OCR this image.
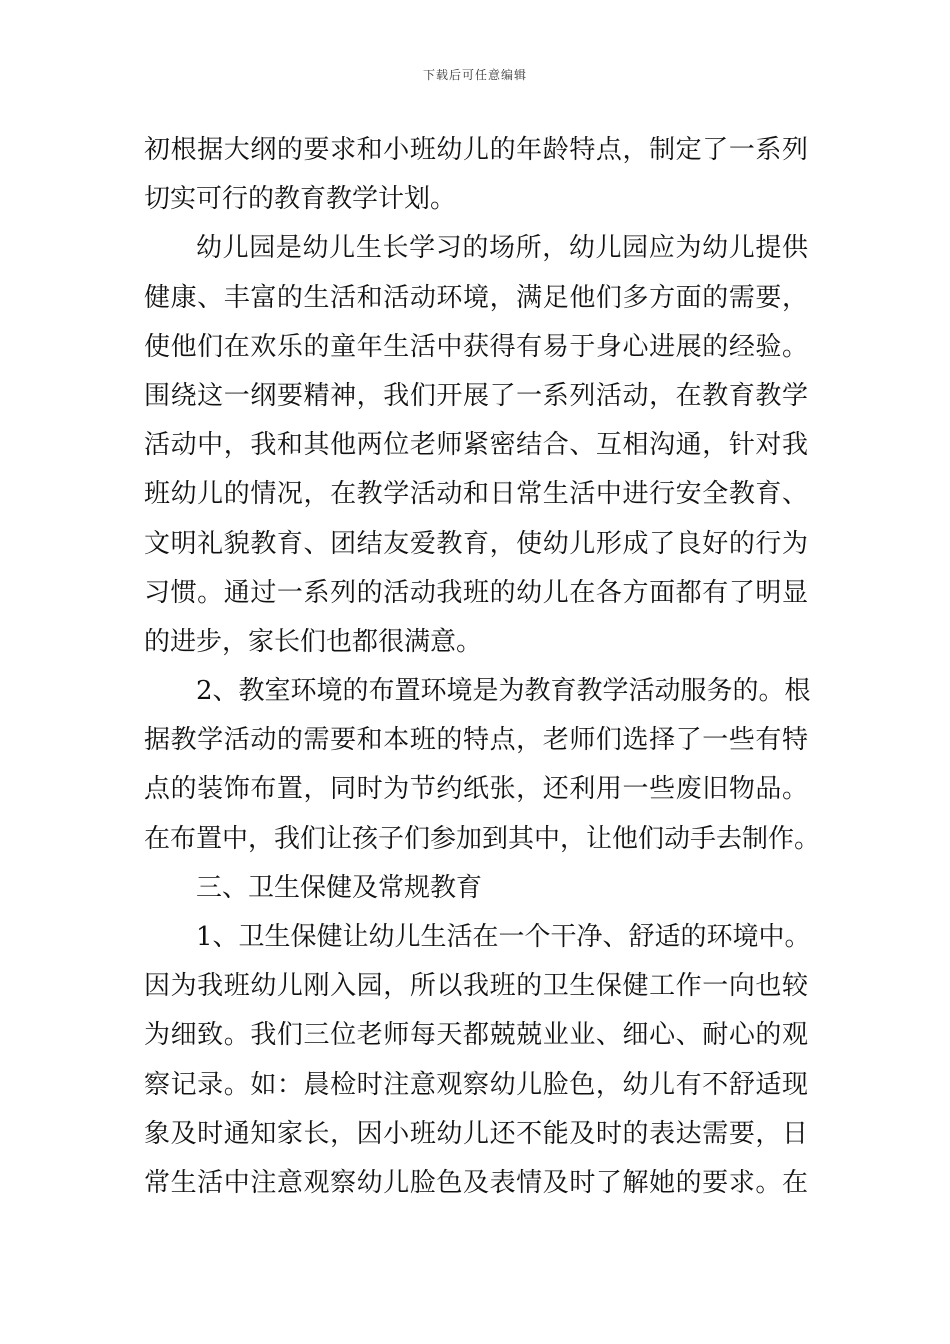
下载后可任意编辑
初根据大纲的要求和小班幼儿的年龄特点，制定了一系列
切实可行的教育教学计划。
幼儿园是幼儿生长学习的场所，幼儿园应为幼儿提供
健康、丰富的生活和活动环境，满足他们多方面的需要，
使他们在欢乐的童年生活中获得有易于身心进展的经验。
围绕这一纲要精神，我们开展了一系列活动，在教育教学
活动中，我和其他两位老师紧密结合、互相沟通，针对我
班幼儿的情况，在教学活动和日常生活中进行安全教育、
文明礼貌教育、团结友爱教育，使幼儿形成了良好的行为
习惯。通过一系列的活动我班的幼儿在各方面都有了明显
的进步，家长们也都很满意。
2、教室环境的布置环境是为教育教学活动服务的。根
据教学活动的需要和本班的特点，老师们选择了一些有特
点的装饰布置，同时为节约纸张，还利用一些废旧物品。
在布置中，我们让孩子们参加到其中，让他们动手去制作。
三、卫生保健及常规教育
1、卫生保健让幼儿生活在一个干净、舒适的环境中。
因为我班幼儿刚入园，所以我班的卫生保健工作一向也较
为细致。我们三位老师每天都兢兢业业、细心、耐心的观
察记录。如：晨检时注意观察幼儿脸色，幼儿有不舒适现
象及时通知家长，因小班幼儿还不能及时的表达需要，日
常生活中注意观察幼儿脸色及表情及时了解她的要求。在
